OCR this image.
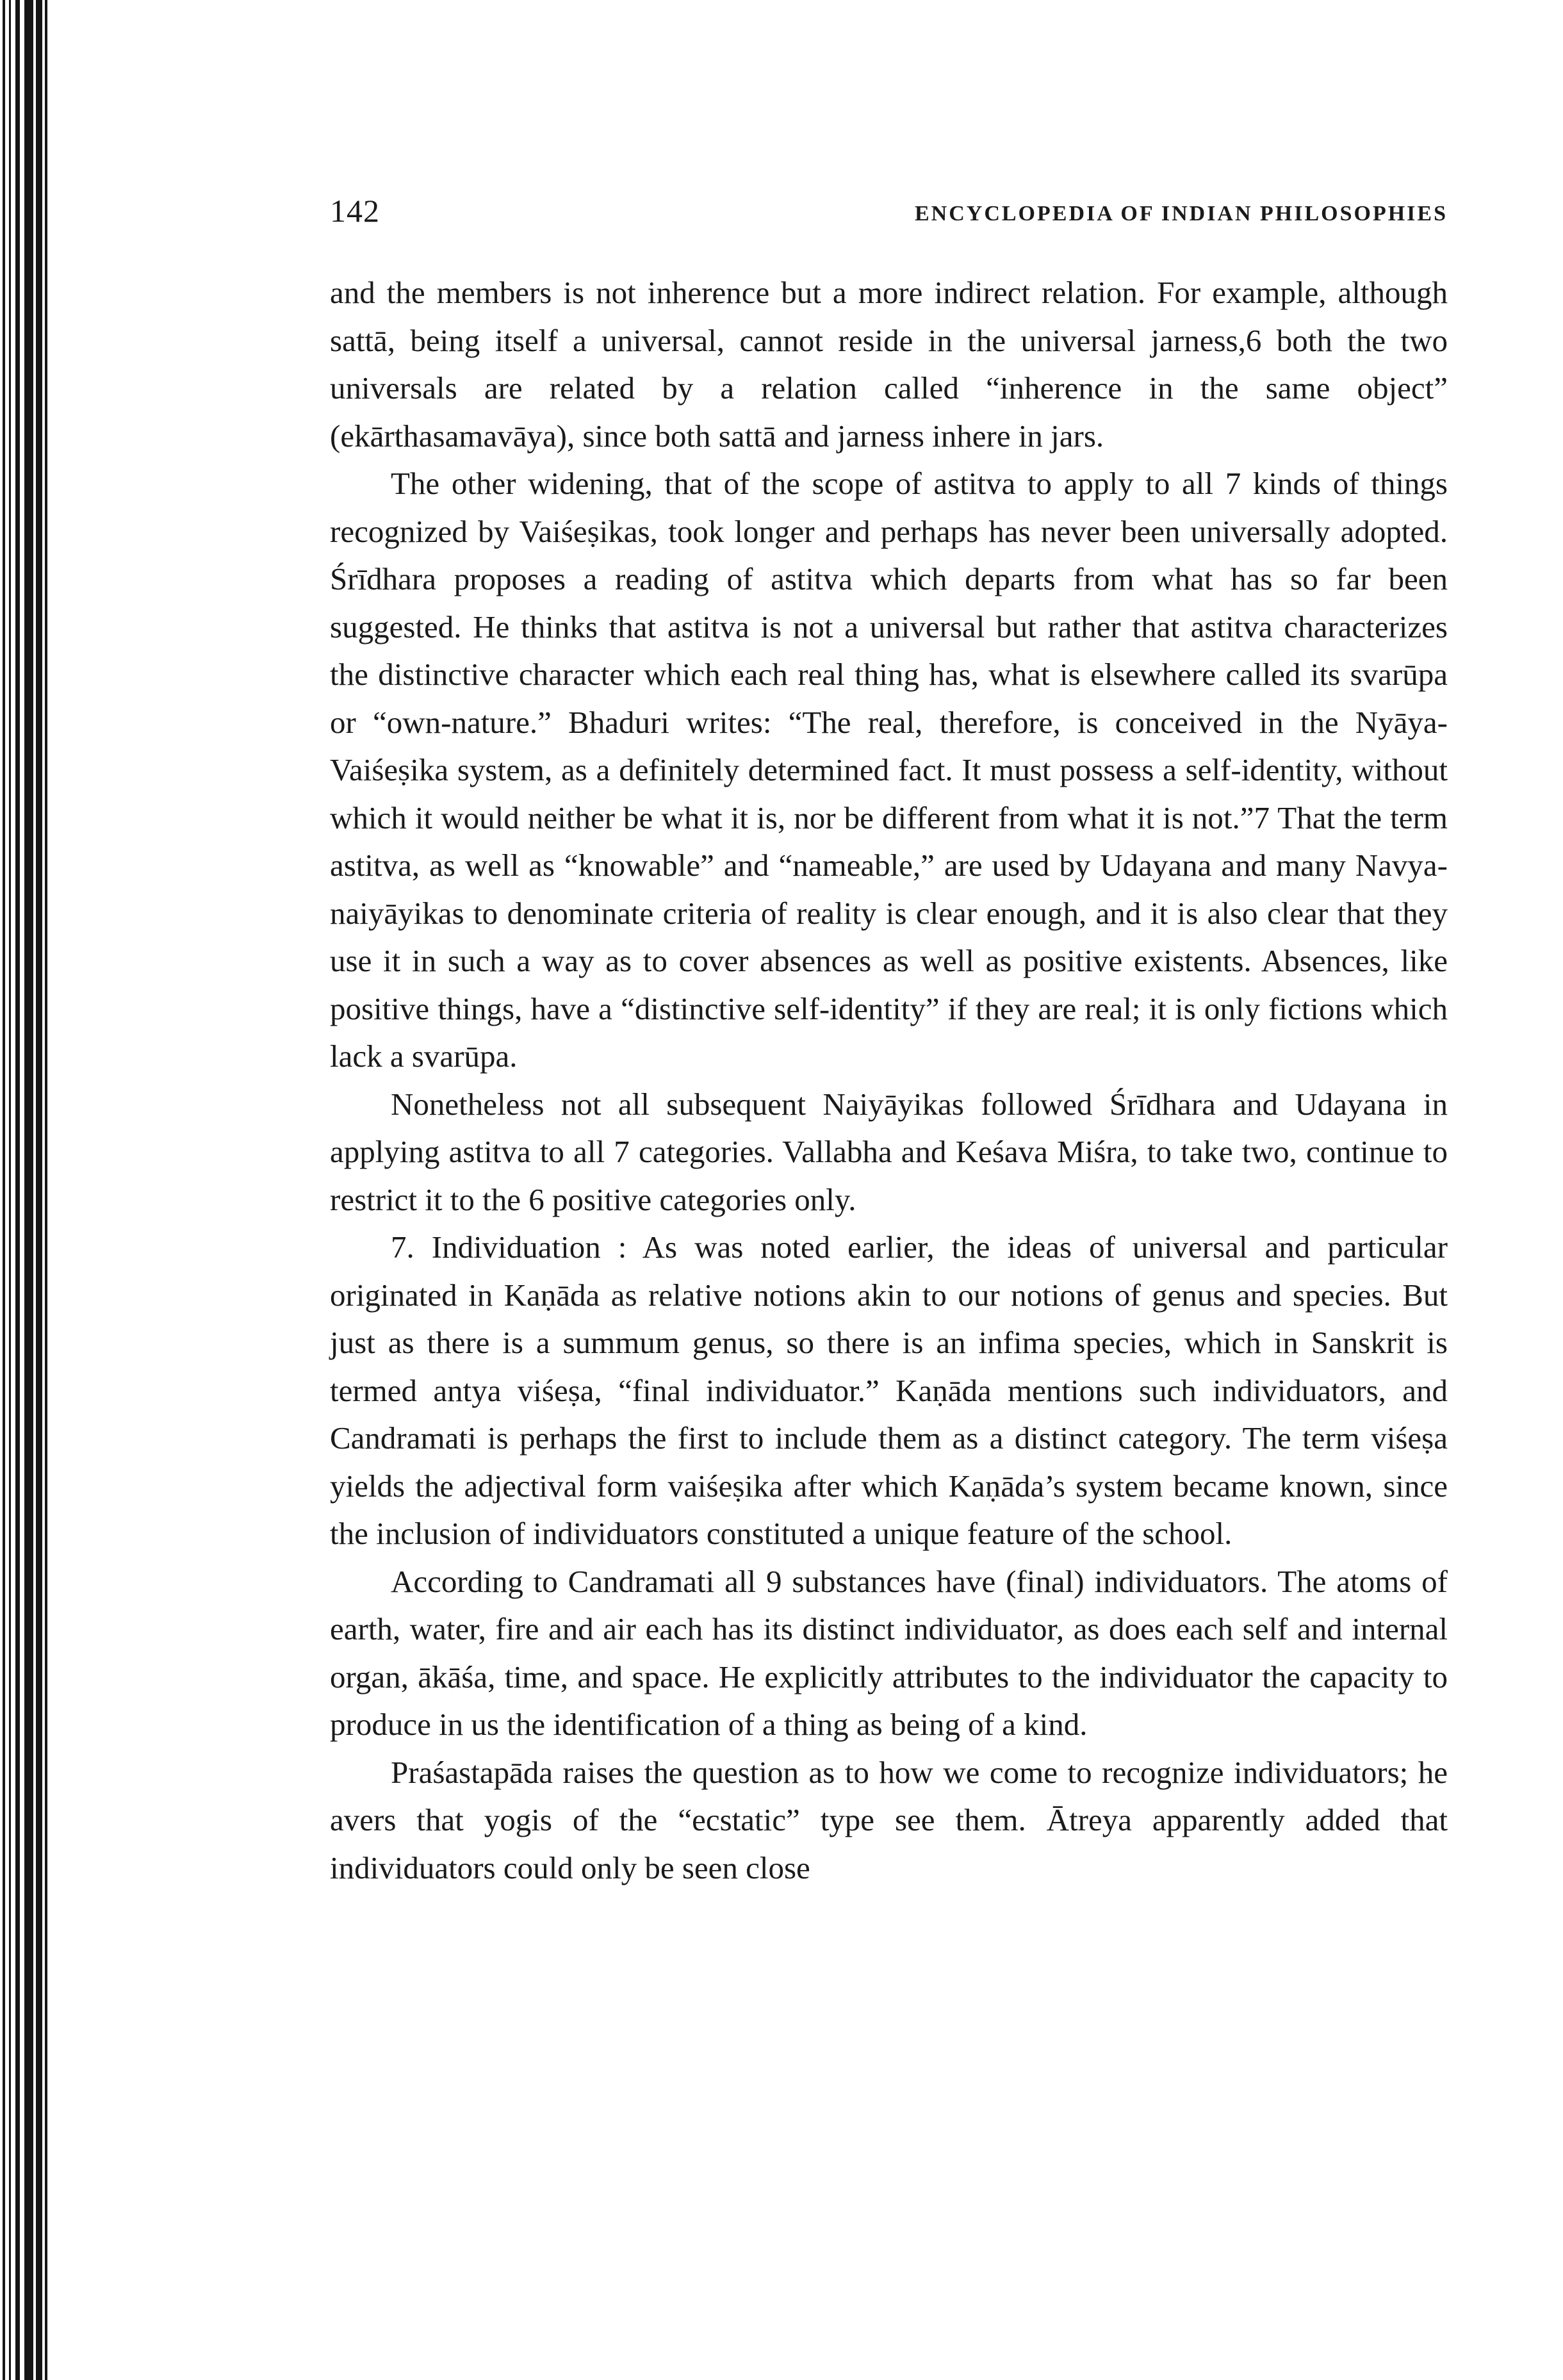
142	ENCYCLOPEDIA OF INDIAN PHILOSOPHIES

and the members is not inherence but a more indirect relation. For example, although sattā, being itself a universal, cannot reside in the universal jarness,6 both the two universals are related by a relation called “inherence in the same object” (ekārthasamavāya), since both sattā and jarness inhere in jars.

The other widening, that of the scope of astitva to apply to all 7 kinds of things recognized by Vaiśeṣikas, took longer and perhaps has never been universally adopted. Śrīdhara proposes a reading of astitva which departs from what has so far been suggested. He thinks that astitva is not a universal but rather that astitva characterizes the distinctive character which each real thing has, what is elsewhere called its svarūpa or “own-nature.” Bhaduri writes: “The real, therefore, is conceived in the Nyāya-Vaiśeṣika system, as a definitely determined fact. It must possess a self-identity, without which it would neither be what it is, nor be different from what it is not.”7 That the term astitva, as well as “knowable” and “nameable,” are used by Udayana and many Navya-naiyāyikas to denominate criteria of reality is clear enough, and it is also clear that they use it in such a way as to cover absences as well as positive existents. Absences, like positive things, have a “distinctive self-identity” if they are real; it is only fictions which lack a svarūpa.

Nonetheless not all subsequent Naiyāyikas followed Śrīdhara and Udayana in applying astitva to all 7 categories. Vallabha and Keśava Miśra, to take two, continue to restrict it to the 6 positive categories only.

7. Individuation : As was noted earlier, the ideas of universal and particular originated in Kaṇāda as relative notions akin to our notions of genus and species. But just as there is a summum genus, so there is an infima species, which in Sanskrit is termed antya viśeṣa, “final individuator.” Kaṇāda mentions such individuators, and Candramati is perhaps the first to include them as a distinct category. The term viśeṣa yields the adjectival form vaiśeṣika after which Kaṇāda’s system became known, since the inclusion of individuators constituted a unique feature of the school.

According to Candramati all 9 substances have (final) individuators. The atoms of earth, water, fire and air each has its distinct individuator, as does each self and internal organ, ākāśa, time, and space. He explicitly attributes to the individuator the capacity to produce in us the identification of a thing as being of a kind.

Praśastapāda raises the question as to how we come to recognize individuators; he avers that yogis of the “ecstatic” type see them. Ātreya apparently added that individuators could only be seen close
